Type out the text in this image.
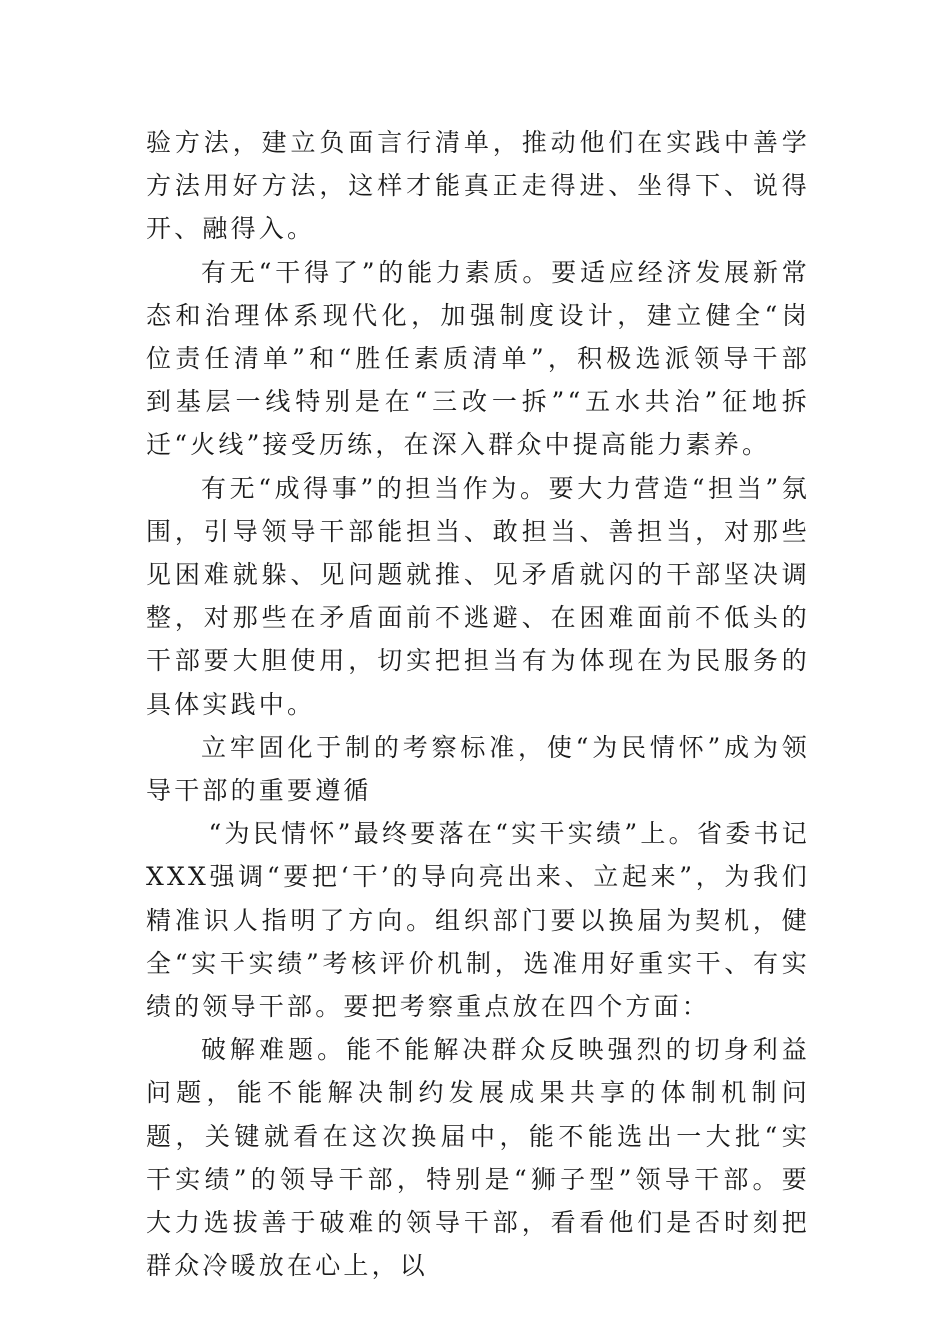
验方法，建立负面言行清单，推动他们在实践中善学方法用好方法，这样才能真正走得进、坐得下、说得开、融得入。

有无“干得了”的能力素质。要适应经济发展新常态和治理体系现代化，加强制度设计，建立健全“岗位责任清单”和“胜任素质清单”，积极选派领导干部到基层一线特别是在“三改一拆”“五水共治”征地拆迁“火线”接受历练，在深入群众中提高能力素养。

有无“成得事”的担当作为。要大力营造“担当”氛围，引导领导干部能担当、敢担当、善担当，对那些见困难就躲、见问题就推、见矛盾就闪的干部坚决调整，对那些在矛盾面前不逃避、在困难面前不低头的干部要大胆使用，切实把担当有为体现在为民服务的具体实践中。

立牢固化于制的考察标准，使“为民情怀”成为领导干部的重要遵循

“为民情怀”最终要落在“实干实绩”上。省委书记XXX强调“要把‘干’的导向亮出来、立起来”，为我们精准识人指明了方向。组织部门要以换届为契机，健全“实干实绩”考核评价机制，选准用好重实干、有实绩的领导干部。要把考察重点放在四个方面：

破解难题。能不能解决群众反映强烈的切身利益问题，能不能解决制约发展成果共享的体制机制问题，关键就看在这次换届中，能不能选出一大批“实干实绩”的领导干部，特别是“狮子型”领导干部。要大力选拔善于破难的领导干部，看看他们是否时刻把群众冷暖放在心上，以
